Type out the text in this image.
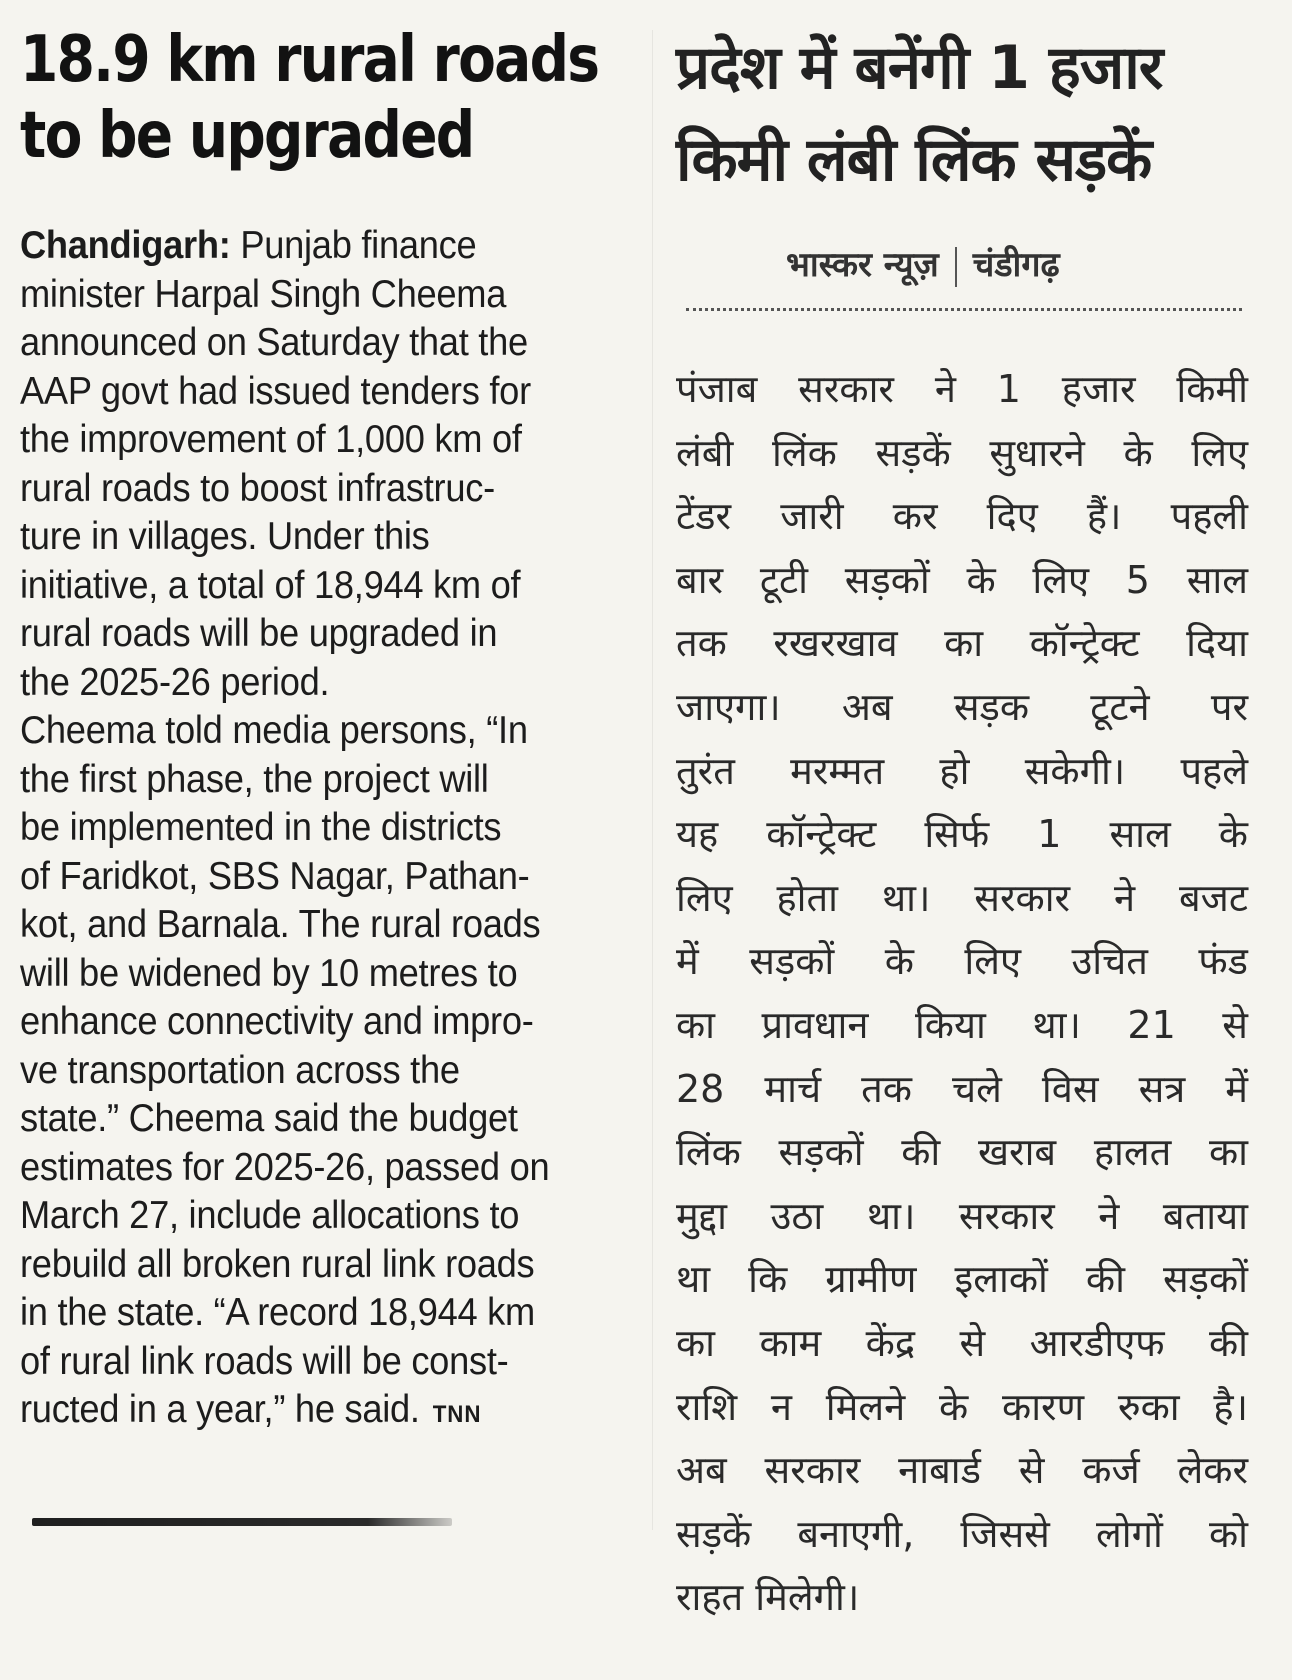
18.9 km rural roads
to be upgraded
Chandigarh: Punjab finance
minister Harpal Singh Cheema
announced on Saturday that the
AAP govt had issued tenders for
the improvement of 1,000 km of
rural roads to boost infrastruc-
ture in villages. Under this
initiative, a total of 18,944 km of
rural roads will be upgraded in
the 2025-26 period.
Cheema told media persons, “In
the first phase, the project will
be implemented in the districts
of Faridkot, SBS Nagar, Pathan-
kot, and Barnala. The rural roads
will be widened by 10 metres to
enhance connectivity and impro-
ve transportation across the
state.” Cheema said the budget
estimates for 2025-26, passed on
March 27, include allocations to
rebuild all broken rural link roads
in the state. “A record 18,944 km
of rural link roads will be const-
ructed in a year,” he said. TNN
प्रदेश में बनेंगी 1 हजार
किमी लंबी लिंक सड़कें
भास्कर न्यूज़ चंडीगढ़
पंजाब सरकार ने 1 हजार किमी
लंबी लिंक सड़कें सुधारने के लिए
टेंडर जारी कर दिए हैं। पहली
बार टूटी सड़कों के लिए 5 साल
तक रखरखाव का कॉन्ट्रेक्ट दिया
जाएगा। अब सड़क टूटने पर
तुरंत मरम्मत हो सकेगी। पहले
यह कॉन्ट्रेक्ट सिर्फ 1 साल के
लिए होता था। सरकार ने बजट
में सड़कों के लिए उचित फंड
का प्रावधान किया था। 21 से
28 मार्च तक चले विस सत्र में
लिंक सड़कों की खराब हालत का
मुद्दा उठा था। सरकार ने बताया
था कि ग्रामीण इलाकों की सड़कों
का काम केंद्र से आरडीएफ की
राशि न मिलने के कारण रुका है।
अब सरकार नाबार्ड से कर्ज लेकर
सड़कें बनाएगी, जिससे लोगों को
राहत मिलेगी।
